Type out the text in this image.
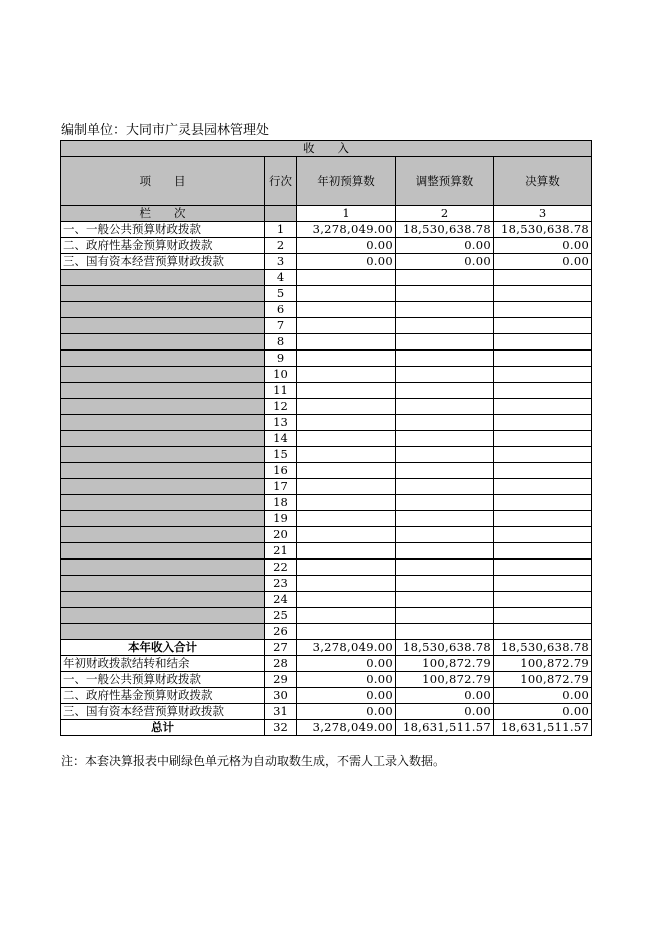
编制单位：大同市广灵县园林管理处
收　　入				
项　　目	行次	年初预算数	调整预算数	决算数
栏　　次		1	2	3
一、一般公共预算财政拨款	1	3,278,049.00	18,530,638.78	18,530,638.78
二、政府性基金预算财政拨款	2	0.00	0.00	0.00
三、国有资本经营预算财政拨款	3	0.00	0.00	0.00
	4			
	5			
	6			
	7			
	8			
	9			
	10			
	11			
	12			
	13			
	14			
	15			
	16			
	17			
	18			
	19			
	20			
	21			
	22			
	23			
	24			
	25			
	26			
本年收入合计	27	3,278,049.00	18,530,638.78	18,530,638.78
年初财政拨款结转和结余	28	0.00	100,872.79	100,872.79
一、一般公共预算财政拨款	29	0.00	100,872.79	100,872.79
二、政府性基金预算财政拨款	30	0.00	0.00	0.00
三、国有资本经营预算财政拨款	31	0.00	0.00	0.00
总计	32	3,278,049.00	18,631,511.57	18,631,511.57
注：本套决算报表中刷绿色单元格为自动取数生成，不需人工录入数据。
